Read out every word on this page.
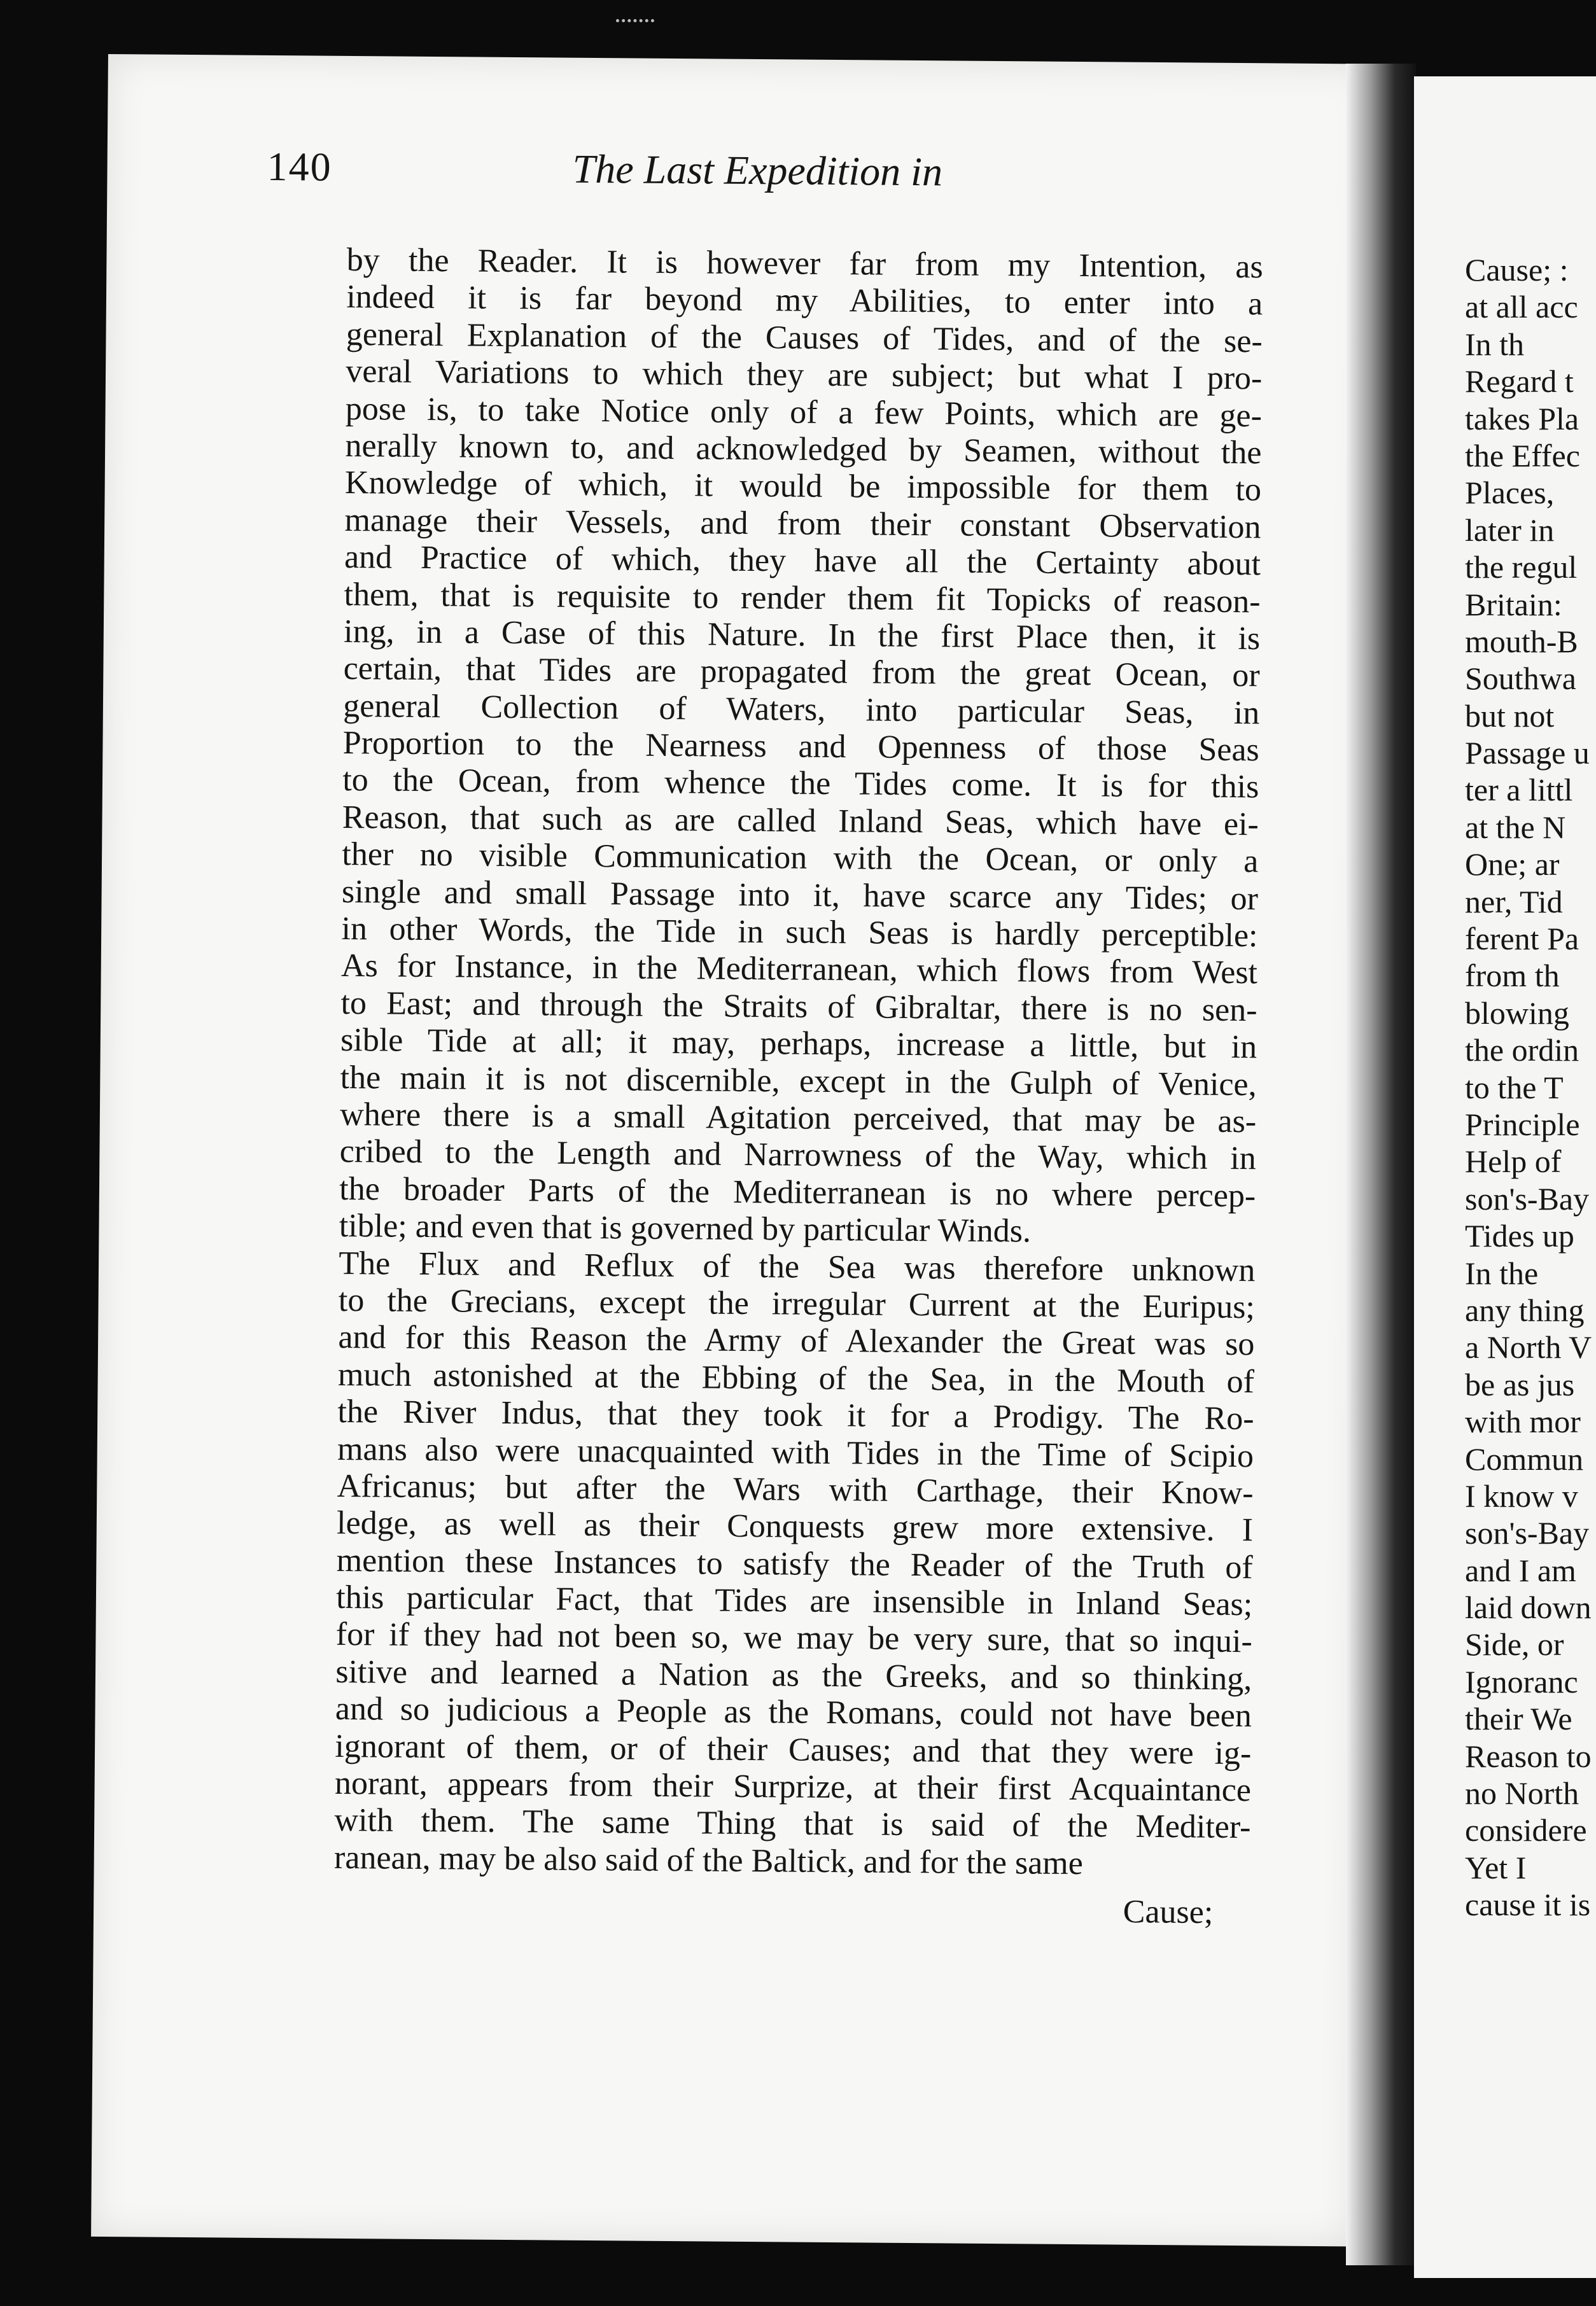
140	The Last Expedition in
by the Reader. It is however far from my Intention, as
indeed it is far beyond my Abilities, to enter into a
general Explanation of the Causes of Tides, and of the se-
veral Variations to which they are subject; but what I pro-
pose is, to take Notice only of a few Points, which are ge-
nerally known to, and acknowledged by Seamen, without the
Knowledge of which, it would be impossible for them to
manage their Vessels, and from their constant Observation
and Practice of which, they have all the Certainty about
them, that is requisite to render them fit Topicks of reason-
ing, in a Case of this Nature. In the first Place then, it is
certain, that Tides are propagated from the great Ocean, or
general Collection of Waters, into particular Seas, in
Proportion to the Nearness and Openness of those Seas
to the Ocean, from whence the Tides come. It is for this
Reason, that such as are called Inland Seas, which have ei-
ther no visible Communication with the Ocean, or only a
single and small Passage into it, have scarce any Tides; or
in other Words, the Tide in such Seas is hardly perceptible:
As for Instance, in the Mediterranean, which flows from West
to East; and through the Straits of Gibraltar, there is no sen-
sible Tide at all; it may, perhaps, increase a little, but in
the main it is not discernible, except in the Gulph of Venice,
where there is a small Agitation perceived, that may be as-
cribed to the Length and Narrowness of the Way, which in
the broader Parts of the Mediterranean is no where percep-
tible; and even that is governed by particular Winds.
The Flux and Reflux of the Sea was therefore unknown
to the Grecians, except the irregular Current at the Euripus;
and for this Reason the Army of Alexander the Great was so
much astonished at the Ebbing of the Sea, in the Mouth of
the River Indus, that they took it for a Prodigy. The Ro-
mans also were unacquainted with Tides in the Time of Scipio
Africanus; but after the Wars with Carthage, their Know-
ledge, as well as their Conquests grew more extensive. I
mention these Instances to satisfy the Reader of the Truth of
this particular Fact, that Tides are insensible in Inland Seas;
for if they had not been so, we may be very sure, that so inqui-
sitive and learned a Nation as the Greeks, and so thinking,
and so judicious a People as the Romans, could not have been
ignorant of them, or of their Causes; and that they were ig-
norant, appears from their Surprize, at their first Acquaintance
with them. The same Thing that is said of the Mediter-
ranean, may be also said of the Baltick, and for the same
Cause;
Cause; :
at all acc
In th
Regard t
takes Pla
the Effec
Places,
later in
the regul
Britain:
mouth-B
Southwa
but not
Passage u
ter a littl
at the N
One; ar
ner, Tid
ferent Pa
from th
blowing
the ordin
to the T
Principle
Help of
son's-Bay
Tides up
In the
any thing
a North V
be as jus
with mor
Commun
I know v
son's-Bay
and I am
laid down
Side, or
Ignoranc
their We
Reason to
no North
considere
Yet I
cause it is
